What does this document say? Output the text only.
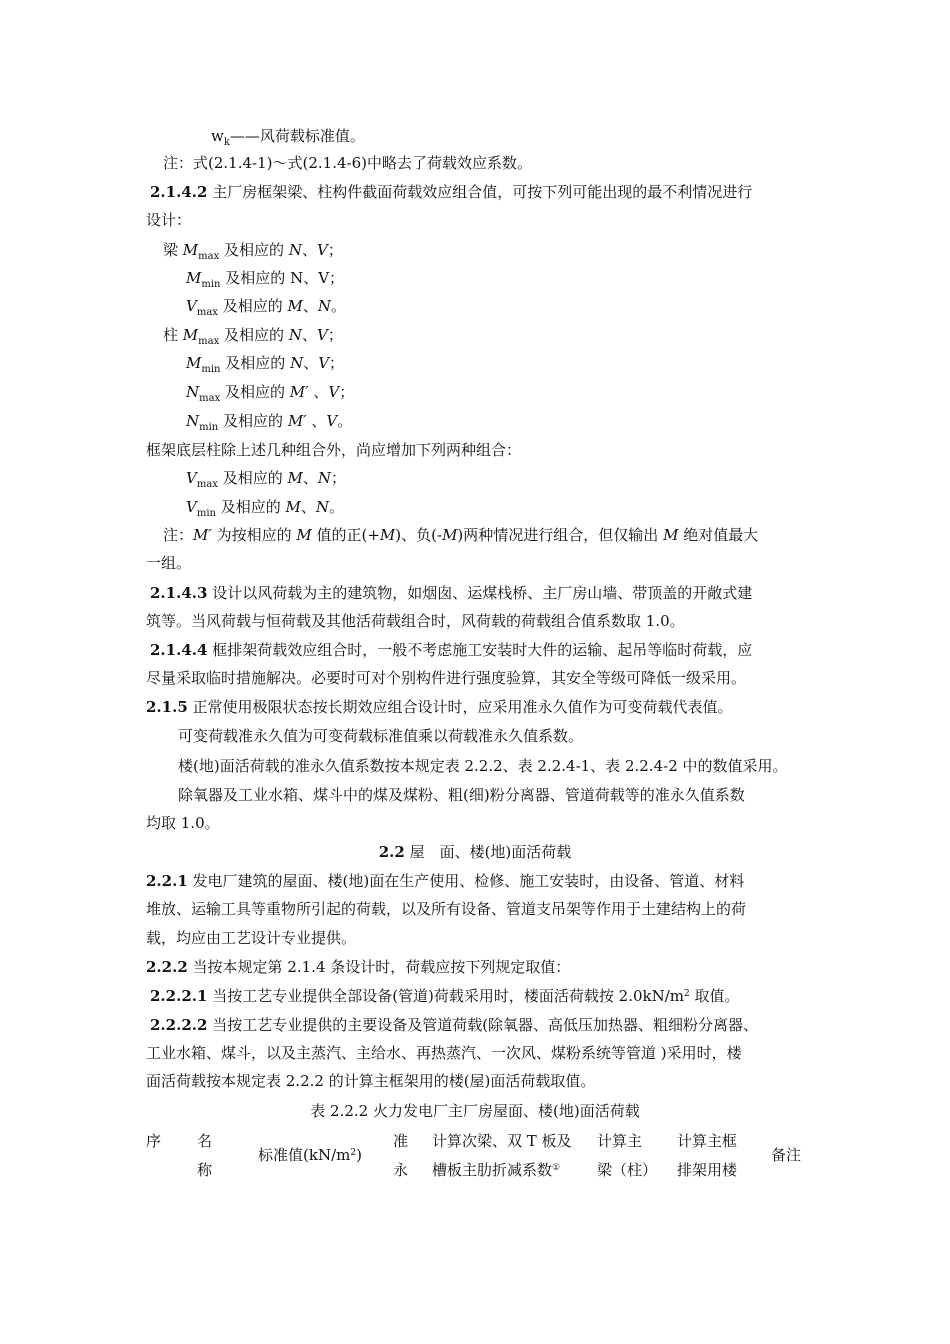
$w_k——$风荷载标准值。
注：式(2.1.4-1)～式(2.1.4-6)中略去了荷载效应系数。
2.1.4.2 主厂房框架梁、柱构件截面荷载效应组合值，可按下列可能出现的最不利情况进行
设计：
梁 $M_{max}$ 及相应的 N、V；
$M_{min}$ 及相应的 N、V；
$V_{max}$ 及相应的 M、N。
柱 $M_{max}$ 及相应的 N、V；
$M_{min}$ 及相应的 N、V；
$N_{max}$ 及相应的 M′ 、V；
$N_{min}$ 及相应的 M′ 、V。
框架底层柱除上述几种组合外，尚应增加下列两种组合：
$V_{max}$ 及相应的 M、N；
$V_{min}$ 及相应的 M、N。
注：M′ 为按相应的 M 值的正(+M)、负(-M)两种情况进行组合，但仅输出 M 绝对值最大
一组。
2.1.4.3 设计以风荷载为主的建筑物，如烟囱、运煤栈桥、主厂房山墙、带顶盖的开敞式建
筑等。当风荷载与恒荷载及其他活荷载组合时，风荷载的荷载组合值系数取 1.0。
2.1.4.4 框排架荷载效应组合时，一般不考虑施工安装时大件的运输、起吊等临时荷载，应
尽量采取临时措施解决。必要时可对个别构件进行强度验算，其安全等级可降低一级采用。
2.1.5 正常使用极限状态按长期效应组合设计时，应采用准永久值作为可变荷载代表值。
可变荷载准永久值为可变荷载标准值乘以荷载准永久值系数。
楼(地)面活荷载的准永久值系数按本规定表 2.2.2、表 2.2.4-1、表 2.2.4-2 中的数值采用。
除氧器及工业水箱、煤斗中的煤及煤粉、粗(细)粉分离器、管道荷载等的准永久值系数
均取 1.0。
2.2 屋　面、楼(地)面活荷载
2.2.1 发电厂建筑的屋面、楼(地)面在生产使用、检修、施工安装时，由设备、管道、材料
堆放、运输工具等重物所引起的荷载，以及所有设备、管道支吊架等作用于土建结构上的荷
载，均应由工艺设计专业提供。
2.2.2 当按本规定第 2.1.4 条设计时，荷载应按下列规定取值：
2.2.2.1 当按工艺专业提供全部设备(管道)荷载采用时，楼面活荷载按 $2.0kN/m^2$ 取值。
2.2.2.2 当按工艺专业提供的主要设备及管道荷载(除氧器、高低压加热器、粗细粉分离器、
工业水箱、煤斗，以及主蒸汽、主给水、再热蒸汽、一次风、煤粉系统等管道 )采用时，楼
面活荷载按本规定表 2.2.2 的计算主框架用的楼(屋)面活荷载取值。
表 2.2.2 火力发电厂主厂房屋面、楼(地)面活荷载
序 名
称
标准值$(kN/m^2)$
准
永
计算次梁、双 T 板及
槽板主肋折减系数①
计算主
梁（柱）
计算主框
排架用楼
备注
